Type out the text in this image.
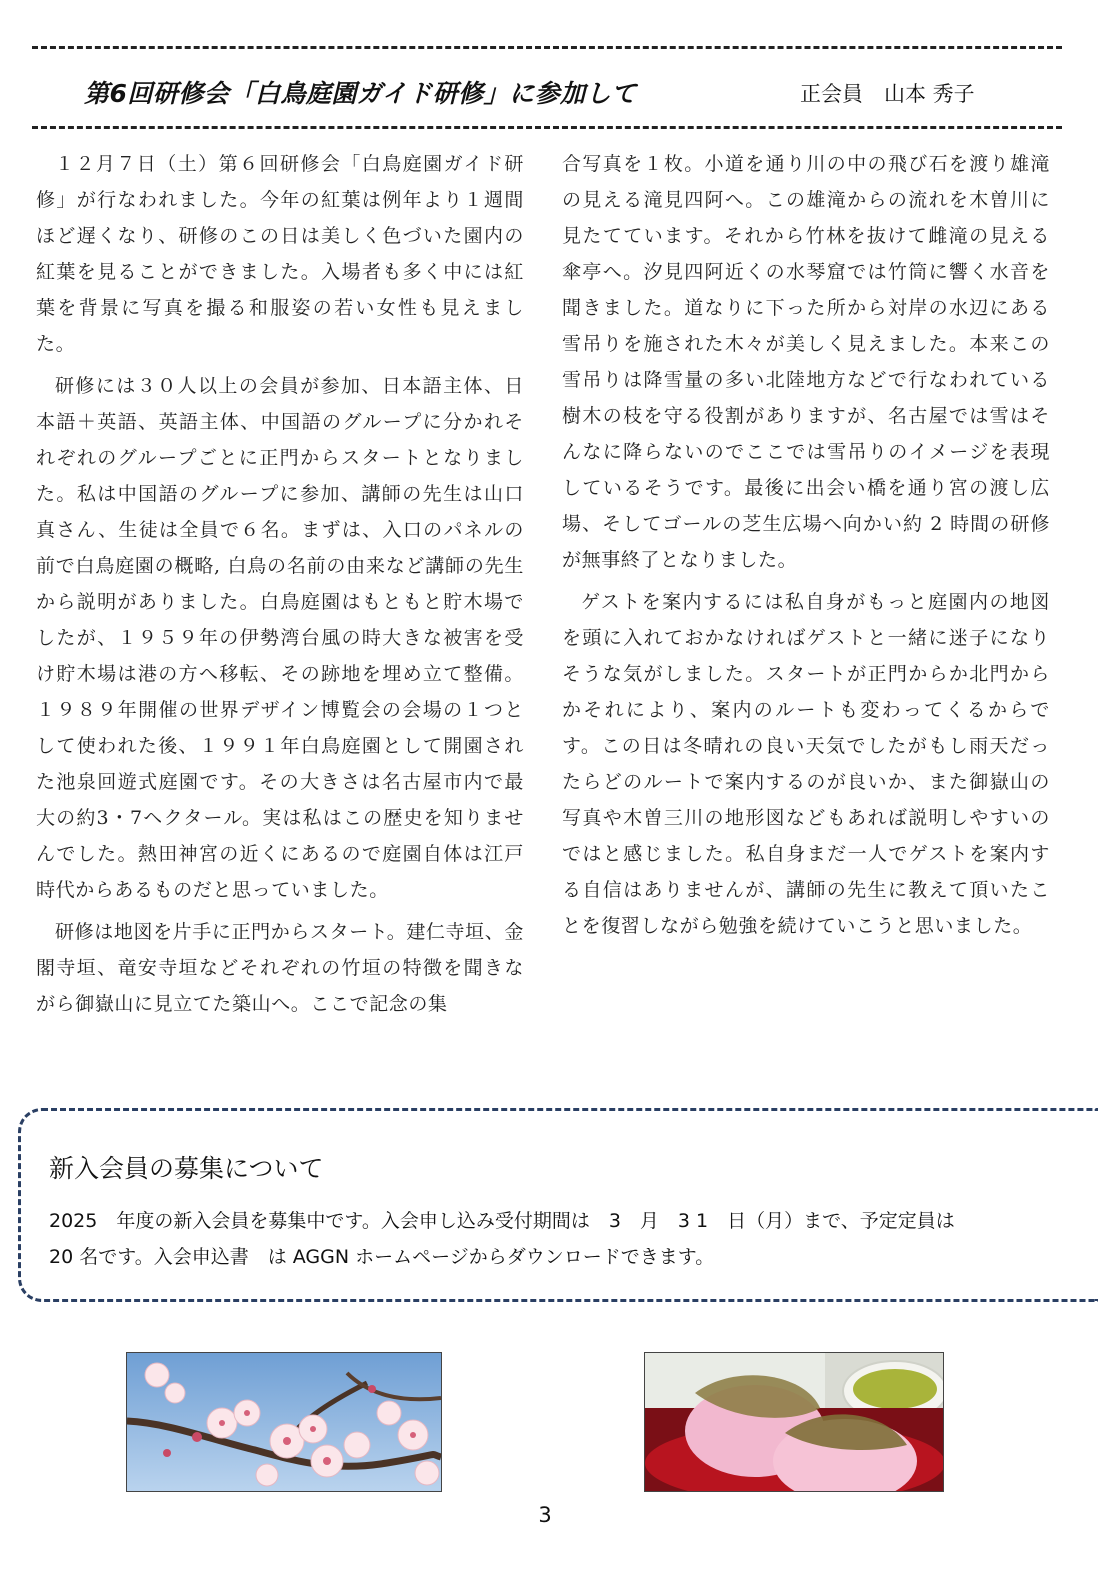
第6回研修会「白鳥庭園ガイド研修」に参加して	正会員　山本 秀子

１２月７日（土）第６回研修会「白鳥庭園ガイド研修」が行なわれました。今年の紅葉は例年より１週間ほど遅くなり、研修のこの日は美しく色づいた園内の紅葉を見ることができました。入場者も多く中には紅葉を背景に写真を撮る和服姿の若い女性も見えました。

研修には３０人以上の会員が参加、日本語主体、日本語＋英語、英語主体、中国語のグループに分かれそれぞれのグループごとに正門からスタートとなりました。私は中国語のグループに参加、講師の先生は山口真さん、生徒は全員で６名。まずは、入口のパネルの前で白鳥庭園の概略, 白鳥の名前の由来など講師の先生から説明がありました。白鳥庭園はもともと貯木場でしたが、１９５９年の伊勢湾台風の時大きな被害を受け貯木場は港の方へ移転、その跡地を埋め立て整備。１９８９年開催の世界デザイン博覧会の会場の１つとして使われた後、１９９１年白鳥庭園として開園された池泉回遊式庭園です。その大きさは名古屋市内で最大の約3・7ヘクタール。実は私はこの歴史を知りませんでした。熱田神宮の近くにあるので庭園自体は江戸時代からあるものだと思っていました。

研修は地図を片手に正門からスタート。建仁寺垣、金閣寺垣、竜安寺垣などそれぞれの竹垣の特徴を聞きながら御嶽山に見立てた築山へ。ここで記念の集

合写真を１枚。小道を通り川の中の飛び石を渡り雄滝の見える滝見四阿へ。この雄滝からの流れを木曽川に見たてています。それから竹林を抜けて雌滝の見える傘亭へ。汐見四阿近くの水琴窟では竹筒に響く水音を聞きました。道なりに下った所から対岸の水辺にある雪吊りを施された木々が美しく見えました。本来この雪吊りは降雪量の多い北陸地方などで行なわれている樹木の枝を守る役割がありますが、名古屋では雪はそんなに降らないのでここでは雪吊りのイメージを表現しているそうです。最後に出会い橋を通り宮の渡し広場、そしてゴールの芝生広場へ向かい約 2 時間の研修が無事終了となりました。

ゲストを案内するには私自身がもっと庭園内の地図を頭に入れておかなければゲストと一緒に迷子になりそうな気がしました。スタートが正門からか北門からかそれにより、案内のルートも変わってくるからです。この日は冬晴れの良い天気でしたがもし雨天だったらどのルートで案内するのが良いか、また御嶽山の写真や木曽三川の地形図などもあれば説明しやすいのではと感じました。私自身まだ一人でゲストを案内する自信はありませんが、講師の先生に教えて頂いたことを復習しながら勉強を続けていこうと思いました。

新入会員の募集について
2025　年度の新入会員を募集中です。入会申し込み受付期間は　3　月　3 1　日（月）まで、予定定員は
20 名です。入会申込書　は AGGN ホームページからダウンロードできます。
3
